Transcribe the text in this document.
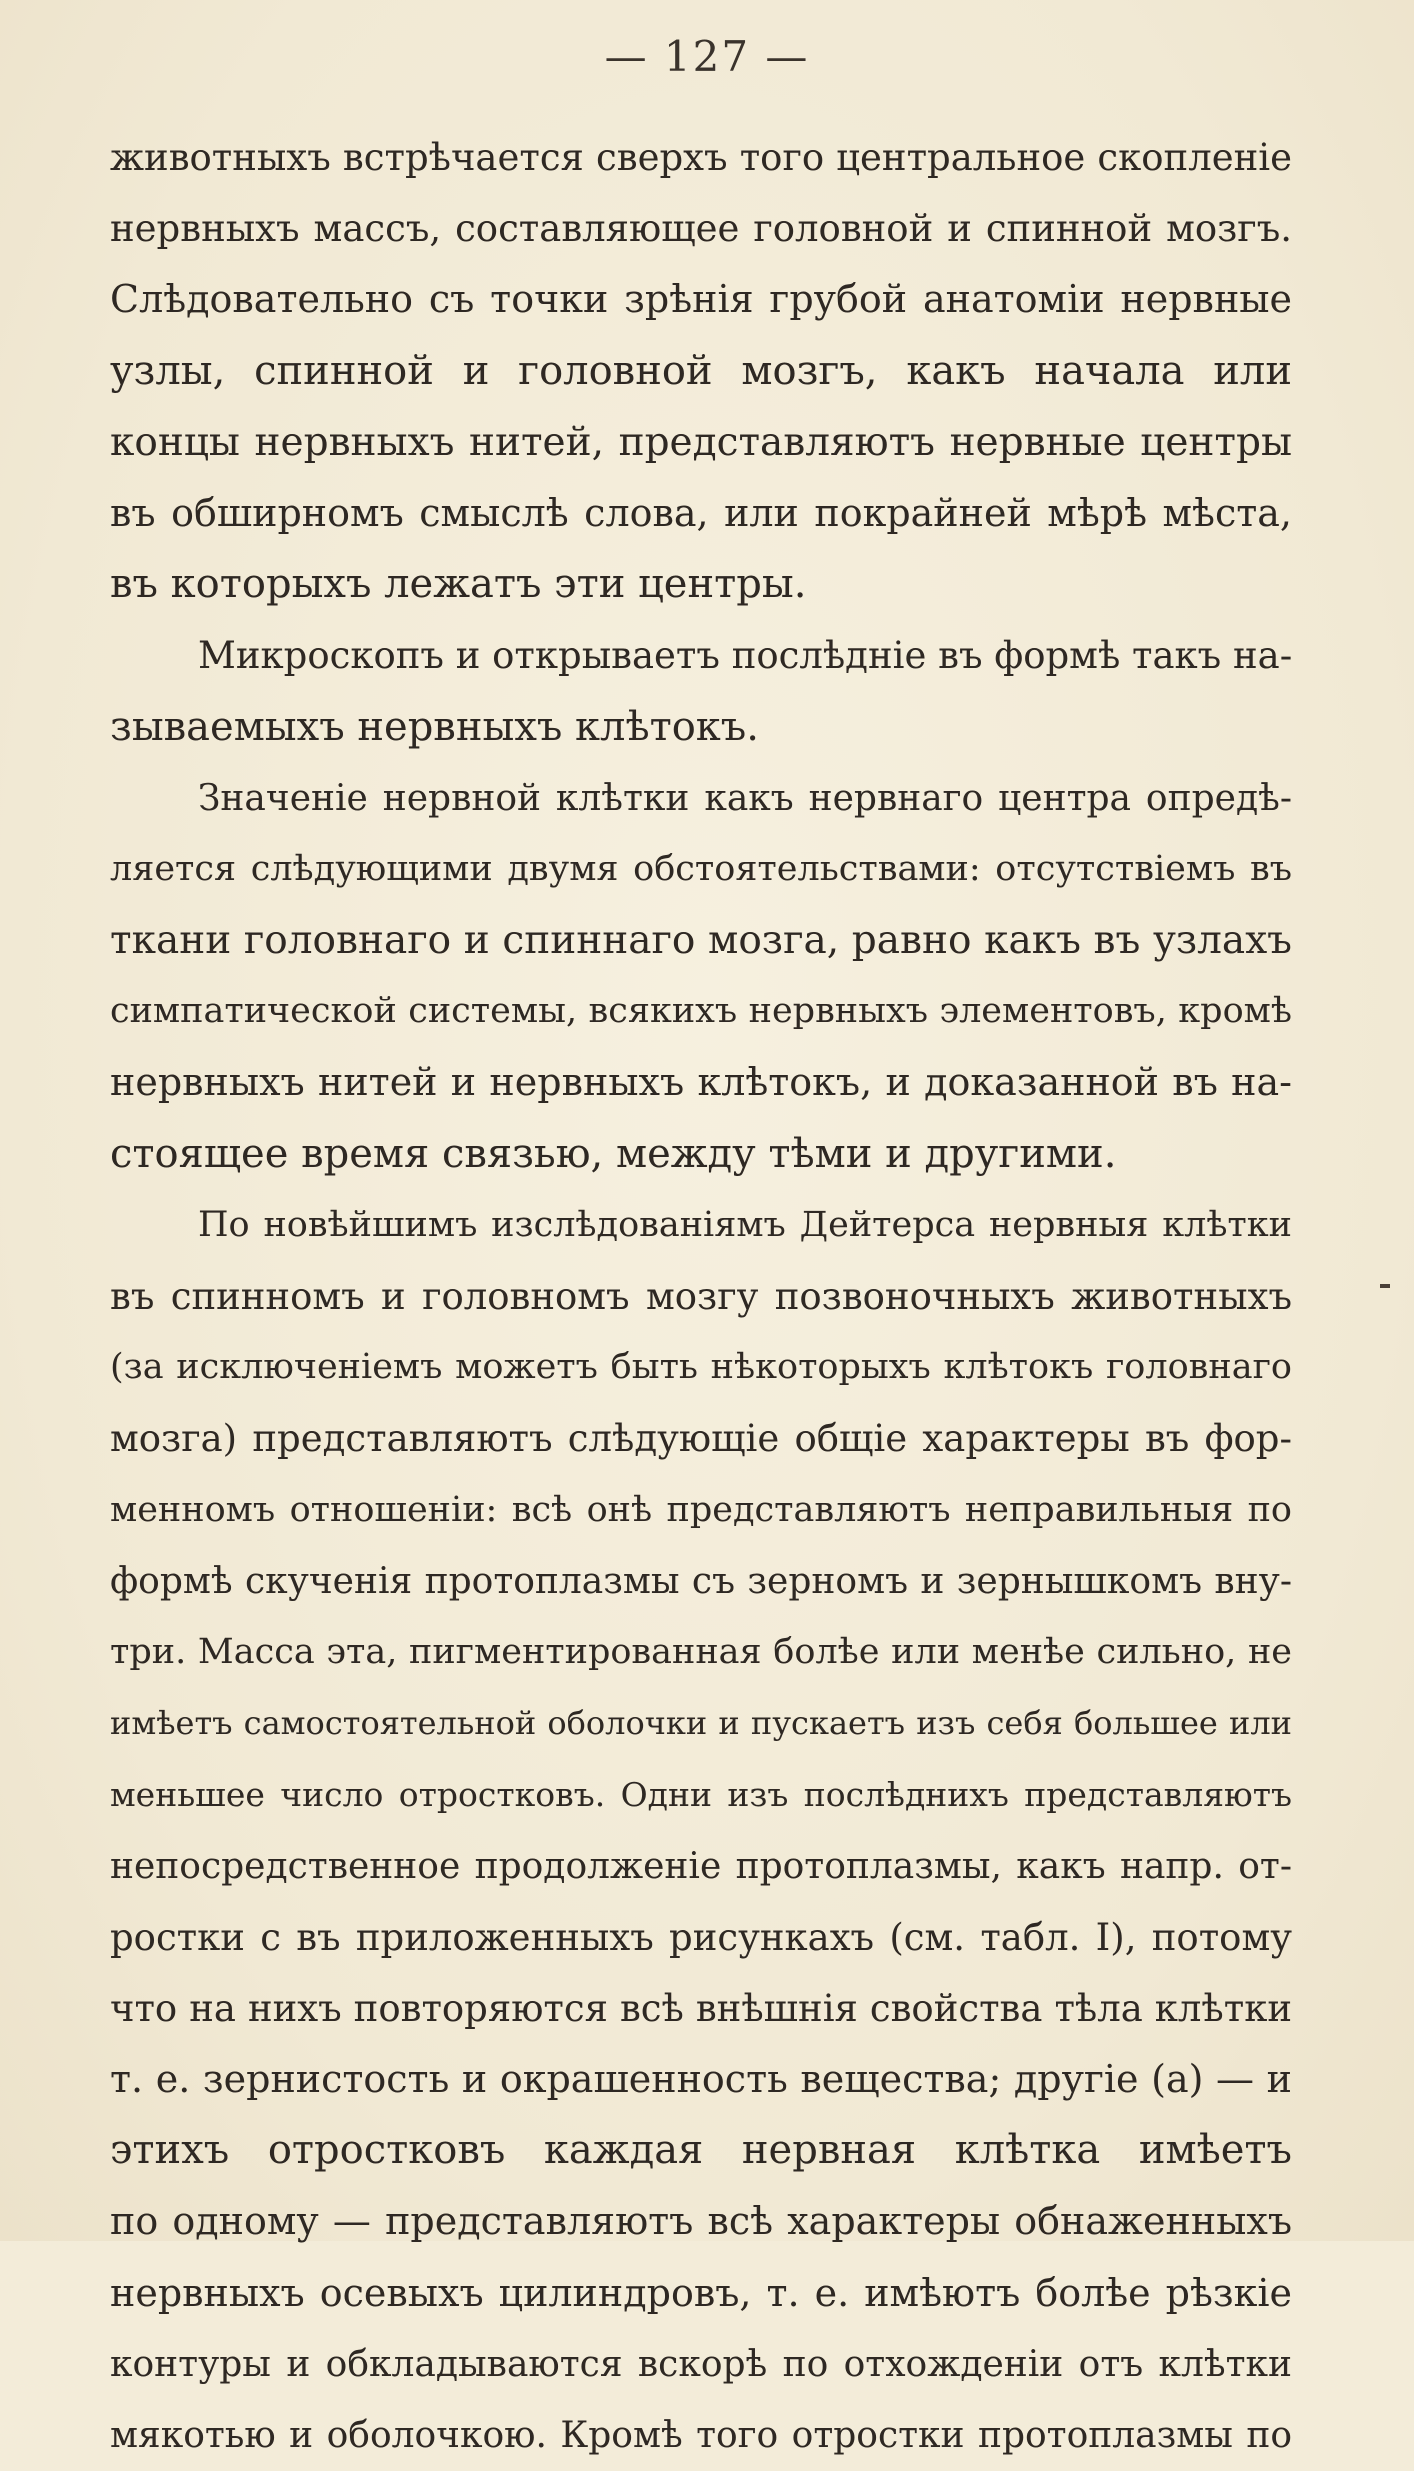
— 127 —
животныхъ встрѣчается сверхъ того центральное скопленіе
нервныхъ массъ, составляющее головной и спинной мозгъ.
Слѣдовательно съ точки зрѣнія грубой анатоміи нервные
узлы, спинной и головной мозгъ, какъ начала или
концы нервныхъ нитей, представляютъ нервные центры
въ обширномъ смыслѣ слова, или покрайней мѣрѣ мѣста,
въ которыхъ лежатъ эти центры.
Микроскопъ и открываетъ послѣдніе въ формѣ такъ на-
зываемыхъ нервныхъ клѣтокъ.
Значеніе нервной клѣтки какъ нервнаго центра опредѣ-
ляется слѣдующими двумя обстоятельствами: отсутствіемъ въ
ткани головнаго и спиннаго мозга, равно какъ въ узлахъ
симпатической системы, всякихъ нервныхъ элементовъ, кромѣ
нервныхъ нитей и нервныхъ клѣтокъ, и доказанной въ на-
стоящее время связью, между тѣми и другими.
По новѣйшимъ изслѣдованіямъ Дейтерса нервныя клѣтки
въ спинномъ и головномъ мозгу позвоночныхъ животныхъ
(за исключеніемъ можетъ быть нѣкоторыхъ клѣтокъ головнаго
мозга) представляютъ слѣдующіе общіе характеры въ фор-
менномъ отношеніи: всѣ онѣ представляютъ неправильныя по
формѣ скученія протоплазмы съ зерномъ и зернышкомъ вну-
три. Масса эта, пигментированная болѣе или менѣе сильно, не
имѣетъ самостоятельной оболочки и пускаетъ изъ себя большее или
меньшее число отростковъ. Одни изъ послѣднихъ представляютъ
непосредственное продолженіе протоплазмы, какъ напр. от-
ростки с въ приложенныхъ рисункахъ (см. табл. I), потому
что на нихъ повторяются всѣ внѣшнія свойства тѣла клѣтки
т. е. зернистость и окрашенность вещества; другіе (а) — и
этихъ отростковъ каждая нервная клѣтка имѣетъ
по одному — представляютъ всѣ характеры обнаженныхъ
нервныхъ осевыхъ цилиндровъ, т. е. имѣютъ болѣе рѣзкіе
контуры и обкладываются вскорѣ по отхожденіи отъ клѣтки
мякотью и оболочкою. Кромѣ того отростки протоплазмы по
